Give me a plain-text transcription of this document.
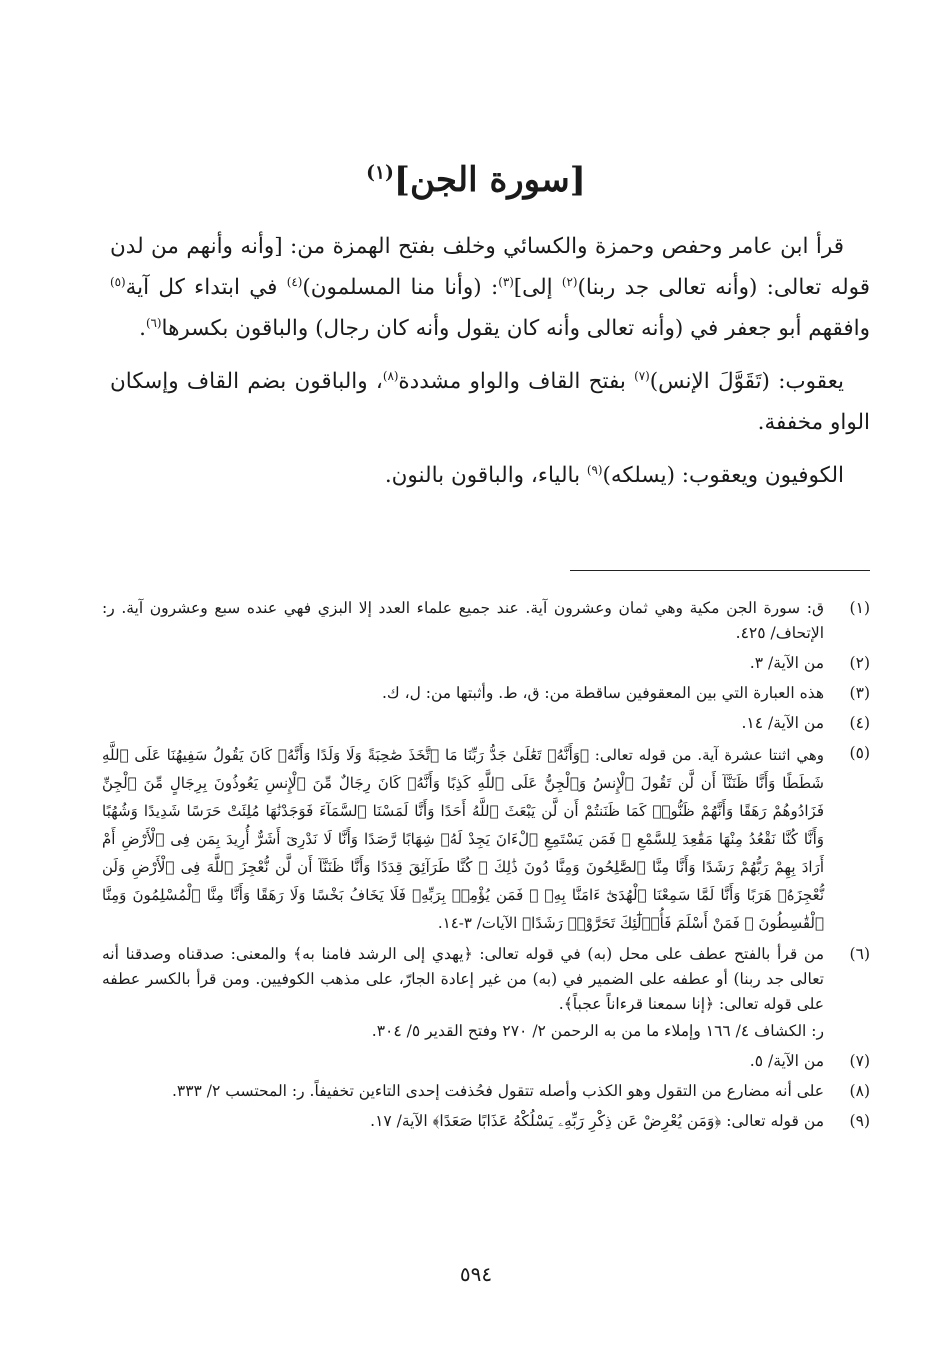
[سورة الجن]$^{(١)}$

قرأ ابن عامر وحفص وحمزة والكسائي وخلف بفتح الهمزة من: [وأنه وأنهم من لدن قوله تعالى: (وأنه تعالى جد ربنا)$^{(٢)}$ إلى]$^{(٣)}$: (وأنا منا المسلمون)$^{(٤)}$ في ابتداء كل آية$^{(٥)}$ وافقهم أبو جعفر في (وأنه تعالى وأنه كان يقول وأنه كان رجال) والباقون بكسرها$^{(٦)}$.

يعقوب: (تَقَوَّلَ الإنس)$^{(٧)}$ بفتح القاف والواو مشددة$^{(٨)}$، والباقون بضم القاف وإسكان الواو مخففة.

الكوفيون ويعقوب: (يسلكه)$^{(٩)}$ بالياء، والباقون بالنون.

(١)
ق: سورة الجن مكية وهي ثمان وعشرون آية. عند جميع علماء العدد إلا البزي فهي عنده سبع وعشرون آية. ر: الإتحاف/ ٤٢٥.
(٢)
من الآية/ ٣.
(٣)
هذه العبارة التي بين المعقوفين ساقطة من: ق، ط. وأثبتها من: ل، ك.
(٤)
من الآية/ ١٤.
(٥)
وهي اثنتا عشرة آية. من قوله تعالى: ﴿وَأَنَّهُۥ تَعَٰلَىٰ جَدُّ رَبِّنَا مَا ٱتَّخَذَ صَٰحِبَةً وَلَا وَلَدًا وَأَنَّهُۥ كَانَ يَقُولُ سَفِيهُنَا عَلَى ٱللَّهِ شَطَطًا وَأَنَّا ظَنَنَّآ أَن لَّن تَقُولَ ٱلْإِنسُ وَٱلْجِنُّ عَلَى ٱللَّهِ كَذِبًا وَأَنَّهُۥ كَانَ رِجَالٌ مِّنَ ٱلْإِنسِ يَعُوذُونَ بِرِجَالٍ مِّنَ ٱلْجِنِّ فَزَادُوهُمْ رَهَقًا وَأَنَّهُمْ ظَنُّوا۟ كَمَا ظَنَنتُمْ أَن لَّن يَبْعَثَ ٱللَّهُ أَحَدًا وَأَنَّا لَمَسْنَا ٱلسَّمَآءَ فَوَجَدْنَٰهَا مُلِئَتْ حَرَسًا شَدِيدًا وَشُهُبًا وَأَنَّا كُنَّا نَقْعُدُ مِنْهَا مَقَٰعِدَ لِلسَّمْعِ ۖ فَمَن يَسْتَمِعِ ٱلْءَانَ يَجِدْ لَهُۥ شِهَابًا رَّصَدًا وَأَنَّا لَا نَدْرِىٓ أَشَرٌّ أُرِيدَ بِمَن فِى ٱلْأَرْضِ أَمْ أَرَادَ بِهِمْ رَبُّهُمْ رَشَدًا وَأَنَّا مِنَّا ٱلصَّٰلِحُونَ وَمِنَّا دُونَ ذَٰلِكَ ۖ كُنَّا طَرَآئِقَ قِدَدًا وَأَنَّا ظَنَنَّآ أَن لَّن نُّعْجِزَ ٱللَّهَ فِى ٱلْأَرْضِ وَلَن نُّعْجِزَهُۥ هَرَبًا وَأَنَّا لَمَّا سَمِعْنَا ٱلْهُدَىٰٓ ءَامَنَّا بِهِۦ ۖ فَمَن يُؤْمِنۢ بِرَبِّهِۦ فَلَا يَخَافُ بَخْسًا وَلَا رَهَقًا وَأَنَّا مِنَّا ٱلْمُسْلِمُونَ وَمِنَّا ٱلْقَٰسِطُونَ ۖ فَمَنْ أَسْلَمَ فَأُو۟لَٰٓئِكَ تَحَرَّوْا۟ رَشَدًا﴾ الآيات/ ٣-١٤.
(٦)
من قرأ بالفتح عطف على محل (به) في قوله تعالى: ﴿يهدي إلى الرشد فامنا به﴾ والمعنى: صدقناه وصدقنا أنه تعالى جد ربنا) أو عطفه على الضمير في (به) من غير إعادة الجارّ، على مذهب الكوفيين. ومن قرأ بالكسر عطفه على قوله تعالى: ﴿إنا سمعنا قرءاناً عجباً﴾.
ر: الكشاف ٤/ ١٦٦ وإملاء ما من به الرحمن ٢/ ٢٧٠ وفتح القدير ٥/ ٣٠٤.
(٧)
من الآية/ ٥.
(٨)
على أنه مضارع من التقول وهو الكذب وأصله تتقول فحُذفت إحدى التاءين تخفيفاً. ر: المحتسب ٢/ ٣٣٣.
(٩)
من قوله تعالى: ﴿وَمَن يُعْرِضْ عَن ذِكْرِ رَبِّهِۦ يَسْلُكْهُ عَذَابًا صَعَدًا﴾ الآية/ ١٧.
٥٩٤
